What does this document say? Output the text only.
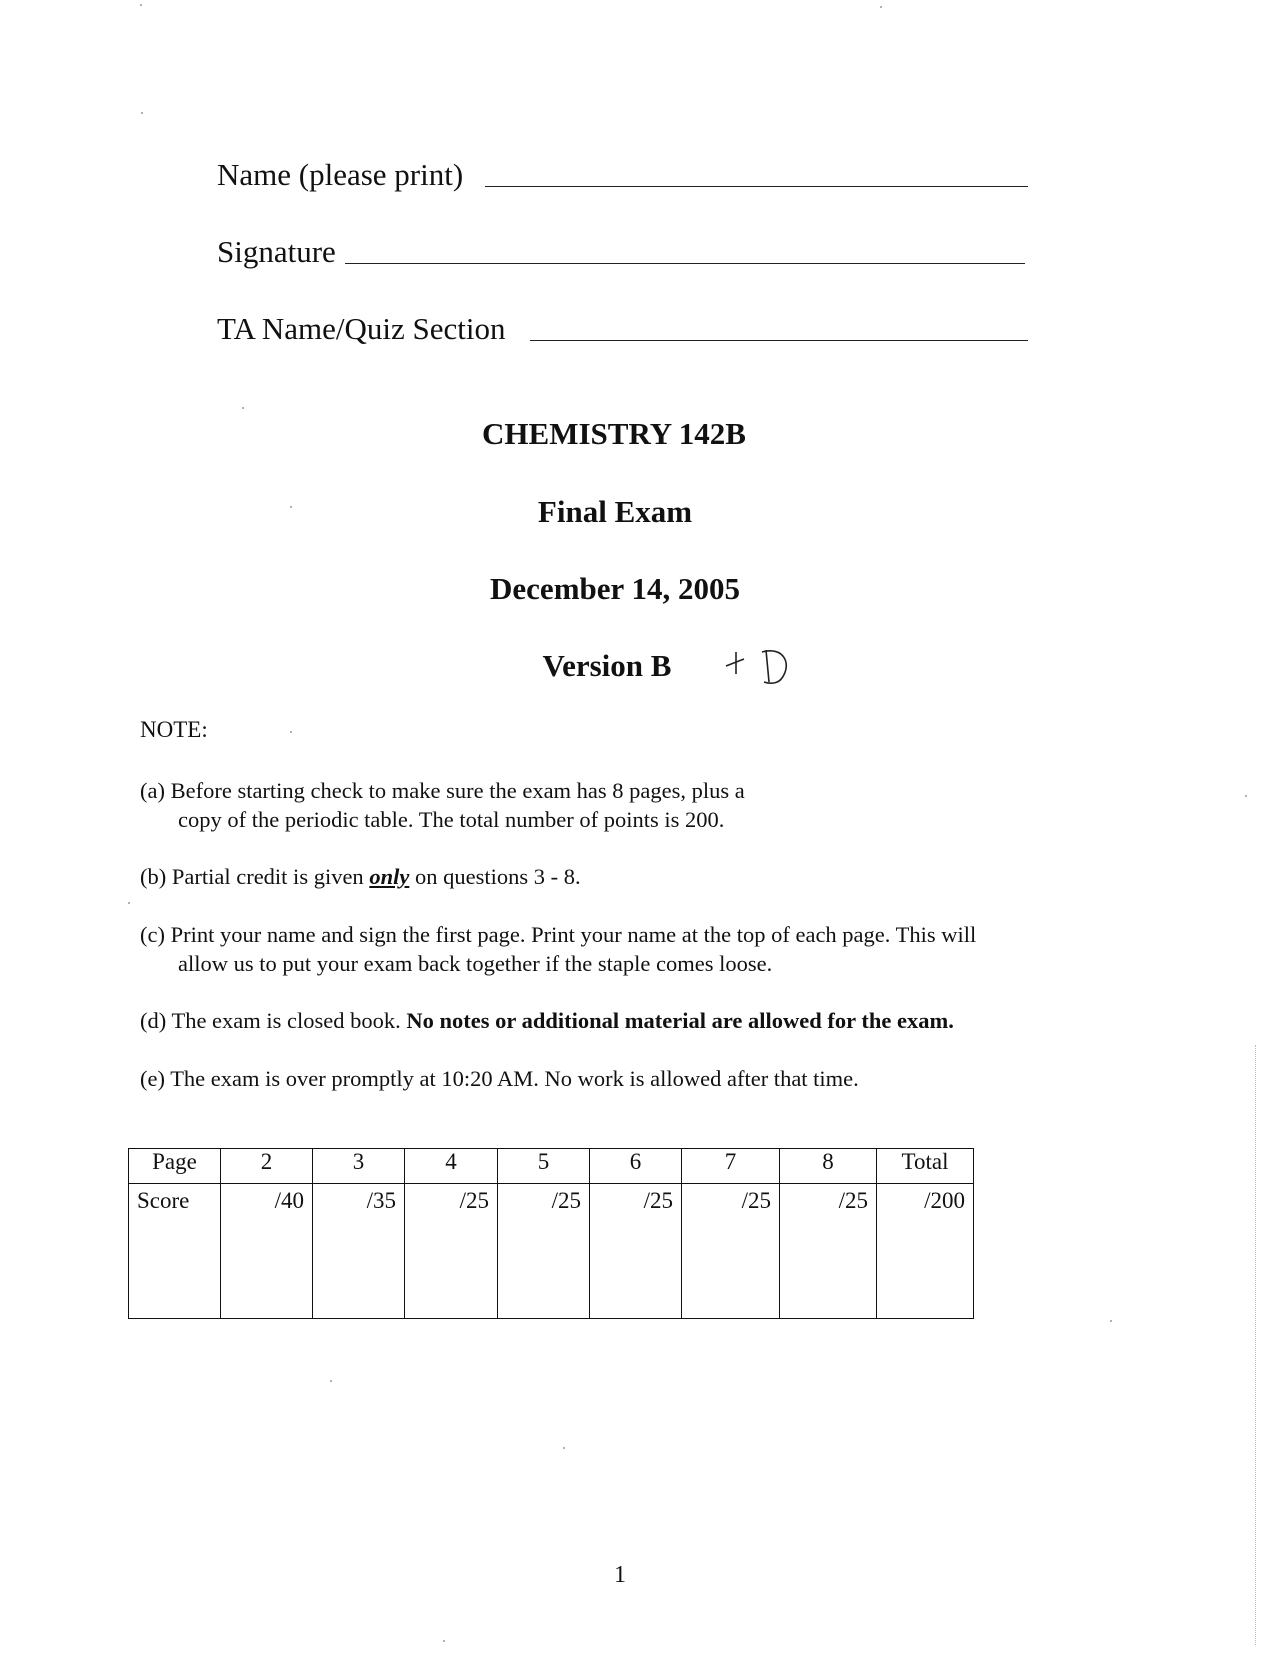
Name (please print)
Signature
TA Name/Quiz Section
CHEMISTRY 142B
Final Exam
December 14, 2005
Version B
NOTE:
(a) Before starting check to make sure the exam has 8 pages, plus a
copy of the periodic table. The total number of points is 200.
(b) Partial credit is given only on questions 3 - 8.
(c) Print your name and sign the first page. Print your name at the top of each page. This will
allow us to put your exam back together if the staple comes loose.
(d) The exam is closed book. No notes or additional material are allowed for the exam.
(e) The exam is over promptly at 10:20 AM. No work is allowed after that time.
Page	2	3	4	5	6	7	8	Total
Score	/40	/35	/25	/25	/25	/25	/25	/200
1
